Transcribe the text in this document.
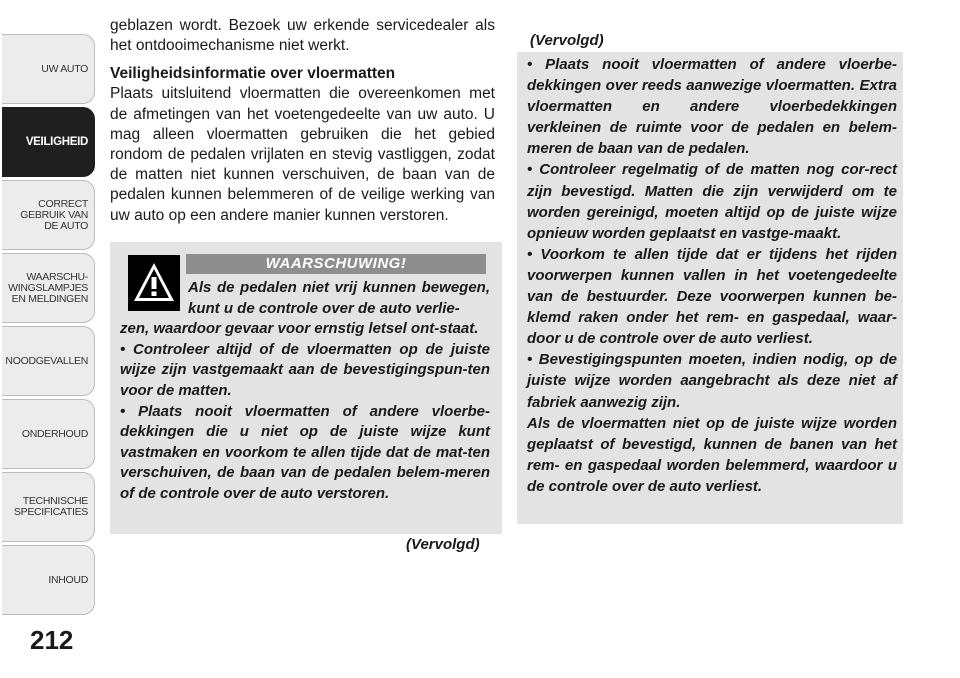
UW AUTO
VEILIGHEID
CORRECT
GEBRUIK VAN
DE AUTO
WAARSCHU-
WINGSLAMPJES
EN MELDINGEN
NOODGEVALLEN
ONDERHOUD
TECHNISCHE
SPECIFICATIES
INHOUD
212

geblazen wordt. Bezoek uw erkende servicedealer als het ontdooimechanisme niet werkt.

Veiligheidsinformatie over vloermatten

Plaats uitsluitend vloermatten die overeenkomen met de afmetingen van het voetengedeelte van uw auto. U mag alleen vloermatten gebruiken die het gebied rondom de pedalen vrijlaten en stevig vastliggen, zodat de matten niet kunnen verschuiven, de baan van de pedalen kunnen belemmeren of de veilige werking van uw auto op een andere manier kunnen verstoren.

WAARSCHUWING!

Als de pedalen niet vrij kunnen bewegen, kunt u de controle over de auto verlie-
zen, waardoor gevaar voor ernstig letsel ont-staat.
• Controleer altijd of de vloermatten op de juiste wijze zijn vastgemaakt aan de bevestigingspun-ten voor de matten.
• Plaats nooit vloermatten of andere vloerbe-dekkingen die u niet op de juiste wijze kunt vastmaken en voorkom te allen tijde dat de mat-ten verschuiven, de baan van de pedalen belem-meren of de controle over de auto verstoren.

(Vervolgd)
(Vervolgd)

• Plaats nooit vloermatten of andere vloerbe-dekkingen over reeds aanwezige vloermatten. Extra vloermatten en andere vloerbedekkingen verkleinen de ruimte voor de pedalen en belem-meren de baan van de pedalen.
• Controleer regelmatig of de matten nog cor-rect zijn bevestigd. Matten die zijn verwijderd om te worden gereinigd, moeten altijd op de juiste wijze opnieuw worden geplaatst en vastge-maakt.
• Voorkom te allen tijde dat er tijdens het rijden voorwerpen kunnen vallen in het voetengedeelte van de bestuurder. Deze voorwerpen kunnen be-klemd raken onder het rem- en gaspedaal, waar-door u de controle over de auto verliest.
• Bevestigingspunten moeten, indien nodig, op de juiste wijze worden aangebracht als deze niet af fabriek aanwezig zijn.
Als de vloermatten niet op de juiste wijze worden geplaatst of bevestigd, kunnen de banen van het rem- en gaspedaal worden belemmerd, waardoor u de controle over de auto verliest.
